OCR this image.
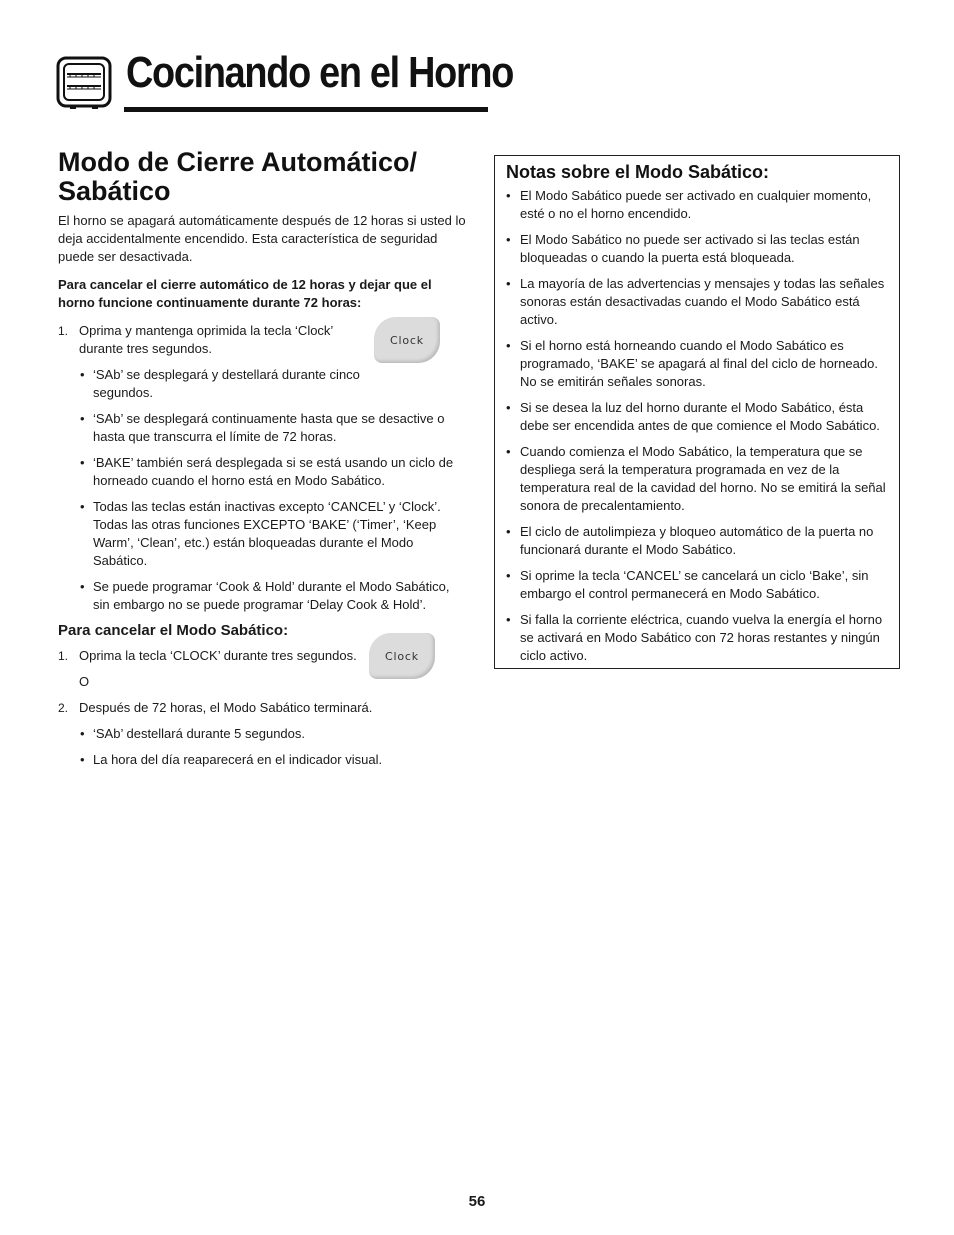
Cocinando en el Horno
Modo de Cierre Automático/ Sabático

El horno se apagará automáticamente después de 12 horas si usted lo deja accidentalmente encendido. Esta característica de seguridad puede ser desactivada.

Para cancelar el cierre automático de 12 horas y dejar que el horno funcione continuamente durante 72 horas:

1. Oprima y mantenga oprimida la tecla ‘Clock’ durante tres segundos.
Clock
• ‘SAb’ se desplegará y destellará durante cinco segundos.
• ‘SAb’ se desplegará continuamente hasta que se desactive o hasta que transcurra el límite de 72 horas.
• ‘BAKE’ también será desplegada si se está usando un ciclo de horneado cuando el horno está en Modo Sabático.
• Todas las teclas están inactivas excepto ‘CANCEL’ y ‘Clock’. Todas las otras funciones EXCEPTO ‘BAKE’ (‘Timer’, ‘Keep Warm’, ‘Clean’, etc.) están bloqueadas durante el Modo Sabático.
• Se puede programar ‘Cook & Hold’ durante el Modo Sabático, sin embargo no se puede programar ‘Delay Cook & Hold’.
Para cancelar el Modo Sabático:
1. Oprima la tecla ‘CLOCK’ durante tres segundos.	Clock
O
2. Después de 72 horas, el Modo Sabático terminará.
• ‘SAb’ destellará durante 5 segundos.
• La hora del día reaparecerá en el indicador visual.
Notas sobre el Modo Sabático:
• El Modo Sabático puede ser activado en cualquier momento, esté o no el horno encendido.
• El Modo Sabático no puede ser activado si las teclas están bloqueadas o cuando la puerta está bloqueada.
• La mayoría de las advertencias y mensajes y todas las señales sonoras están desactivadas cuando el Modo Sabático está activo.
• Si el horno está horneando cuando el Modo Sabático es programado, ‘BAKE’ se apagará al final del ciclo de horneado. No se emitirán señales sonoras.
• Si se desea la luz del horno durante el Modo Sabático, ésta debe ser encendida antes de que comience el Modo Sabático.
• Cuando comienza el Modo Sabático, la temperatura que se despliega será la temperatura programada en vez de la temperatura real de la cavidad del horno. No se emitirá la señal sonora de precalentamiento.
• El ciclo de autolimpieza y bloqueo automático de la puerta no funcionará durante el Modo Sabático.
• Si oprime la tecla ‘CANCEL’ se cancelará un ciclo ‘Bake’, sin embargo el control permanecerá en Modo Sabático.
• Si falla la corriente eléctrica, cuando vuelva la energía el horno se activará en Modo Sabático con 72 horas restantes y ningún ciclo activo.
56
